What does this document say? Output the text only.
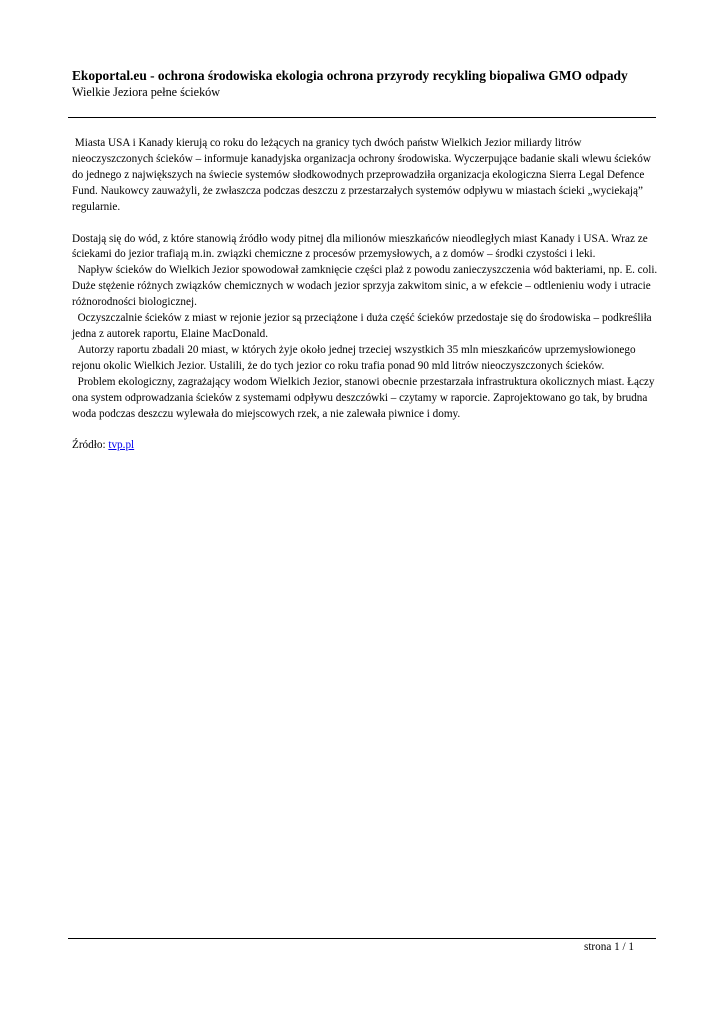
Ekoportal.eu - ochrona środowiska ekologia ochrona przyrody recykling biopaliwa GMO odpady
Wielkie Jeziora pełne ścieków

Miasta USA i Kanady kierują co roku do leżących na granicy tych dwóch państw Wielkich Jezior miliardy litrów nieoczyszczonych ścieków – informuje kanadyjska organizacja ochrony środowiska. Wyczerpujące badanie skali wlewu ścieków do jednego z największych na świecie systemów słodkowodnych przeprowadziła organizacja ekologiczna Sierra Legal Defence Fund. Naukowcy zauważyli, że zwłaszcza podczas deszczu z przestarzałych systemów odpływu w miastach ścieki „wyciekają” regularnie.

Dostają się do wód, z które stanowią źródło wody pitnej dla milionów mieszkańców nieodległych miast Kanady i USA. Wraz ze ściekami do jezior trafiają m.in. związki chemiczne z procesów przemysłowych, a z domów – środki czystości i leki.

Napływ ścieków do Wielkich Jezior spowodował zamknięcie części plaż z powodu zanieczyszczenia wód bakteriami, np. E. coli. Duże stężenie różnych związków chemicznych w wodach jezior sprzyja zakwitom sinic, a w efekcie – odtlenieniu wody i utracie różnorodności biologicznej.

Oczyszczalnie ścieków z miast w rejonie jezior są przeciążone i duża część ścieków przedostaje się do środowiska – podkreśliła jedna z autorek raportu, Elaine MacDonald.

Autorzy raportu zbadali 20 miast, w których żyje około jednej trzeciej wszystkich 35 mln mieszkańców uprzemysłowionego rejonu okolic Wielkich Jezior. Ustalili, że do tych jezior co roku trafia ponad 90 mld litrów nieoczyszczonych ścieków.

Problem ekologiczny, zagrażający wodom Wielkich Jezior, stanowi obecnie przestarzała infrastruktura okolicznych miast. Łączy ona system odprowadzania ścieków z systemami odpływu deszczówki – czytamy w raporcie. Zaprojektowano go tak, by brudna woda podczas deszczu wylewała do miejscowych rzek, a nie zalewała piwnice i domy.

Źródło: tvp.pl

strona 1 / 1
